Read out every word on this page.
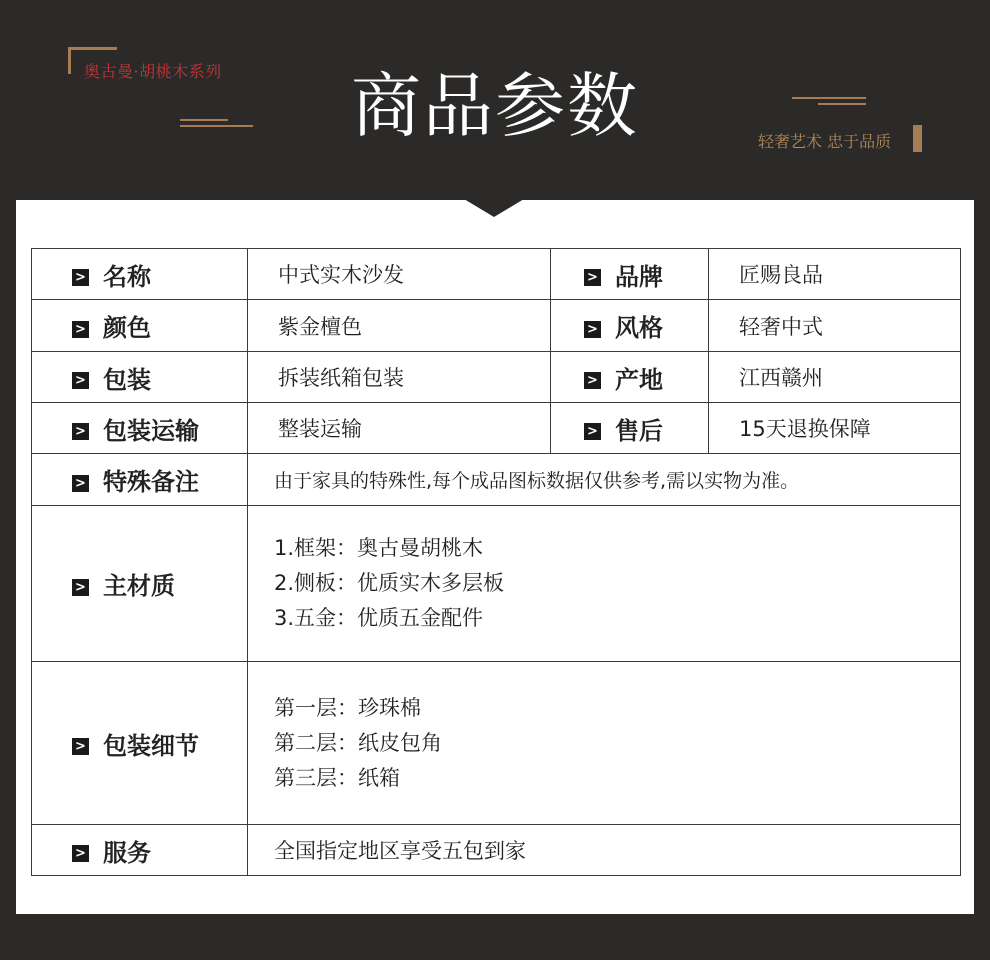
奥古曼·胡桃木系列	商品参数	轻奢艺术 忠于品质
> 名称	中式实木沙发	> 品牌	匠赐良品
> 颜色	紫金檀色	> 风格	轻奢中式
> 包装	拆装纸箱包装	> 产地	江西赣州
> 包装运输	整装运输	> 售后	15天退换保障
> 特殊备注	由于家具的特殊性,每个成品图标数据仅供参考,需以实物为准。		
> 主材质	1.框架：奥古曼胡桃木
2.侧板：优质实木多层板
3.五金：优质五金配件		

> 包装细节	第一层：珍珠棉
第二层：纸皮包角
第三层：纸箱		

> 服务	全国指定地区享受五包到家		
